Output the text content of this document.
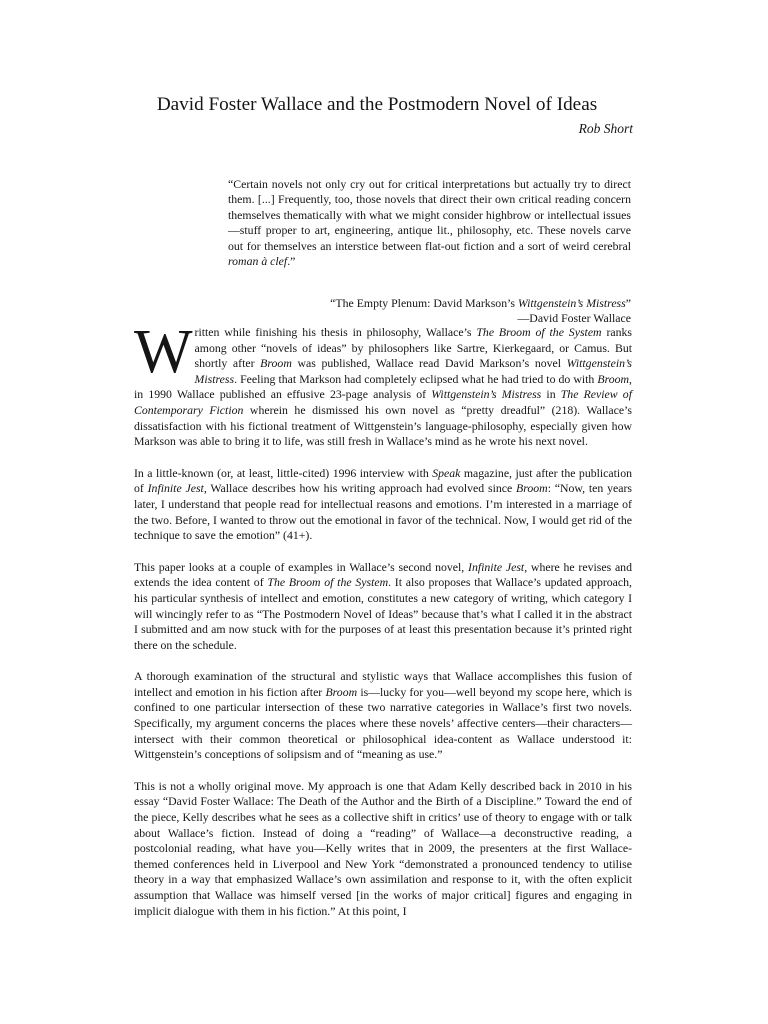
David Foster Wallace and the Postmodern Novel of Ideas
Rob Short

“Certain novels not only cry out for critical interpretations but actually try to direct them. [...] Frequently, too, those novels that direct their own critical reading concern themselves thematically with what we might consider highbrow or intellectual issues—stuff proper to art, engineering, antique lit., philosophy, etc. These novels carve out for themselves an interstice between flat-out fiction and a sort of weird cerebral roman à clef.”

“The Empty Plenum: David Markson’s Wittgenstein’s Mistress”
—David Foster Wallace

Written while finishing his thesis in philosophy, Wallace’s The Broom of the System ranks among other “novels of ideas” by philosophers like Sartre, Kierkegaard, or Camus. But shortly after Broom was published, Wallace read David Markson’s novel Wittgenstein’s Mistress. Feeling that Markson had completely eclipsed what he had tried to do with Broom, in 1990 Wallace published an effusive 23-page analysis of Wittgenstein’s Mistress in The Review of Contemporary Fiction wherein he dismissed his own novel as “pretty dreadful” (218). Wallace’s dissatisfaction with his fictional treatment of Wittgenstein’s language-philosophy, especially given how Markson was able to bring it to life, was still fresh in Wallace’s mind as he wrote his next novel.

In a little-known (or, at least, little-cited) 1996 interview with Speak magazine, just after the publication of Infinite Jest, Wallace describes how his writing approach had evolved since Broom: “Now, ten years later, I understand that people read for intellectual reasons and emotions. I’m interested in a marriage of the two. Before, I wanted to throw out the emotional in favor of the technical. Now, I would get rid of the technique to save the emotion” (41+).

This paper looks at a couple of examples in Wallace’s second novel, Infinite Jest, where he revises and extends the idea content of The Broom of the System. It also proposes that Wallace’s updated approach, his particular synthesis of intellect and emotion, constitutes a new category of writing, which category I will wincingly refer to as “The Postmodern Novel of Ideas” because that’s what I called it in the abstract I submitted and am now stuck with for the purposes of at least this presentation because it’s printed right there on the schedule.

A thorough examination of the structural and stylistic ways that Wallace accomplishes this fusion of intellect and emotion in his fiction after Broom is—lucky for you—well beyond my scope here, which is confined to one particular intersection of these two narrative categories in Wallace’s first two novels. Specifically, my argument concerns the places where these novels’ affective centers—their characters—intersect with their common theoretical or philosophical idea-content as Wallace understood it: Wittgenstein’s conceptions of solipsism and of “meaning as use.”

This is not a wholly original move. My approach is one that Adam Kelly described back in 2010 in his essay “David Foster Wallace: The Death of the Author and the Birth of a Discipline.” Toward the end of the piece, Kelly describes what he sees as a collective shift in critics’ use of theory to engage with or talk about Wallace’s fiction. Instead of doing a “reading” of Wallace—a deconstructive reading, a postcolonial reading, what have you—Kelly writes that in 2009, the presenters at the first Wallace-themed conferences held in Liverpool and New York “demonstrated a pronounced tendency to utilise theory in a way that emphasized Wallace’s own assimilation and response to it, with the often explicit assumption that Wallace was himself versed [in the works of major critical] figures and engaging in implicit dialogue with them in his fiction.” At this point, I
